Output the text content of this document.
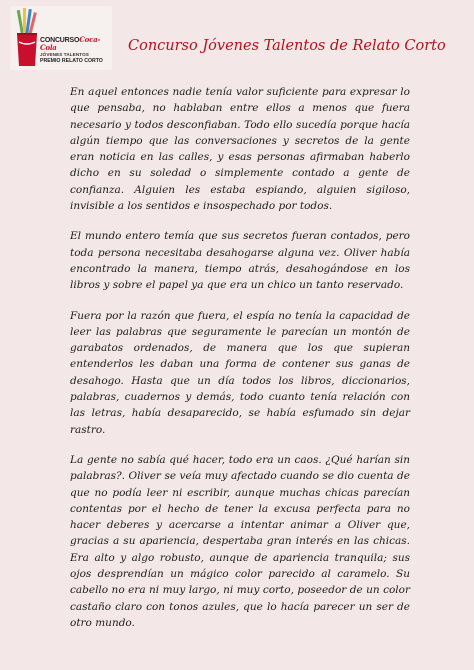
CONCURSOCoca-Cola
JÓVENES TALENTOS
PREMIO RELATO CORTO
Concurso Jóvenes Talentos de Relato Corto

En aquel entonces nadie tenía valor suficiente para expresar lo que pensaba, no hablaban entre ellos a menos que fuera necesario y todos desconfiaban. Todo ello sucedía porque hacía algún tiempo que las conversaciones y secretos de la gente eran noticia en las calles, y esas personas afirmaban haberlo dicho en su soledad o simplemente contado a gente de confianza. Alguien les estaba espiando, alguien sigiloso, invisible a los sentidos e insospechado por todos.

El mundo entero temía que sus secretos fueran contados, pero toda persona necesitaba desahogarse alguna vez. Oliver había encontrado la manera, tiempo atrás, desahogándose en los libros y sobre el papel ya que era un chico un tanto reservado.

Fuera por la razón que fuera, el espía no tenía la capacidad de leer las palabras que seguramente le parecían un montón de garabatos ordenados, de manera que los que supieran entenderlos les daban una forma de contener sus ganas de desahogo. Hasta que un día todos los libros, diccionarios, palabras, cuadernos y demás, todo cuanto tenía relación con las letras, había desaparecido, se había esfumado sin dejar rastro.

La gente no sabía qué hacer, todo era un caos. ¿Qué harían sin palabras?. Oliver se veía muy afectado cuando se dio cuenta de que no podía leer ni escribir, aunque muchas chicas parecían contentas por el hecho de tener la excusa perfecta para no hacer deberes y acercarse a intentar animar a Oliver que, gracias a su apariencia, despertaba gran interés en las chicas. Era alto y algo robusto, aunque de apariencia tranquila; sus ojos desprendían un mágico color parecido al caramelo. Su cabello no era ni muy largo, ni muy corto, poseedor de un color castaño claro con tonos azules, que lo hacía parecer un ser de otro mundo.
